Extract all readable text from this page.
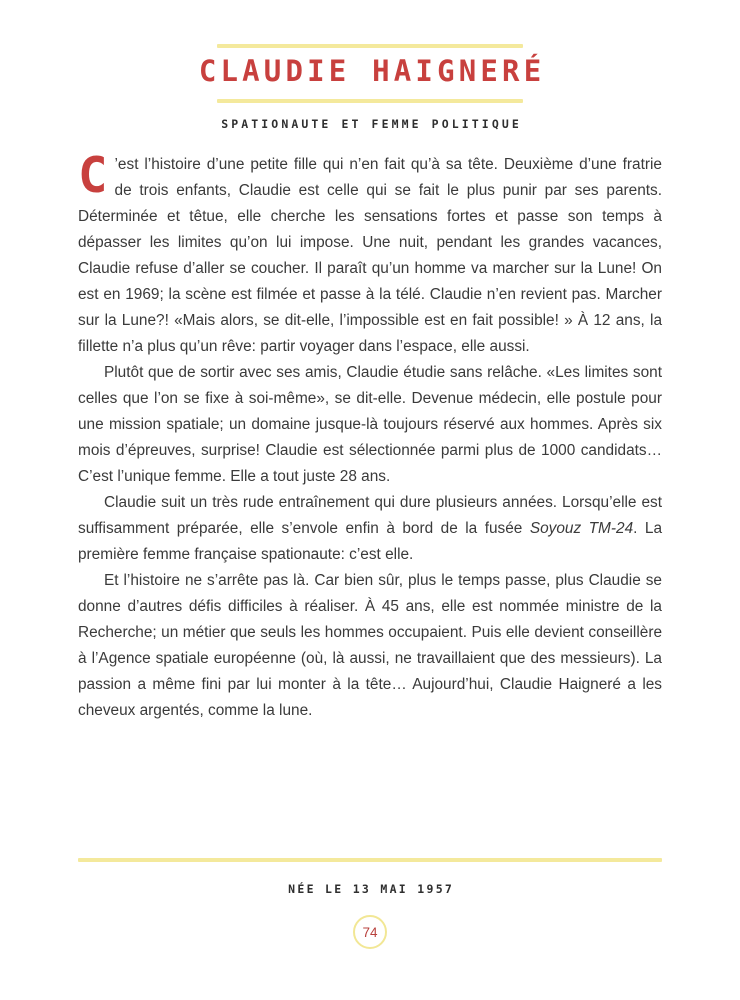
CLAUDIE HAIGNERÉ
SPATIONAUTE ET FEMME POLITIQUE

C ’est l’histoire d’une petite fille qui n’en fait qu’à sa tête. Deuxième d’une fratrie de trois enfants, Claudie est celle qui se fait le plus punir par ses parents. Déterminée et têtue, elle cherche les sensations fortes et passe son temps à dépasser les limites qu’on lui impose. Une nuit, pendant les grandes vacances, Claudie refuse d’aller se coucher. Il paraît qu’un homme va marcher sur la Lune! On est en 1969; la scène est filmée et passe à la télé. Claudie n’en revient pas. Marcher sur la Lune?! «Mais alors, se dit-elle, l’impossible est en fait possible! » À 12 ans, la fillette n’a plus qu’un rêve: partir voyager dans l’espace, elle aussi.

Plutôt que de sortir avec ses amis, Claudie étudie sans relâche. «Les limites sont celles que l’on se fixe à soi-même», se dit-elle. Devenue médecin, elle postule pour une mission spatiale; un domaine jusque-là toujours réservé aux hommes. Après six mois d’épreuves, surprise! Claudie est sélectionnée parmi plus de 1000 candidats… C’est l’unique femme. Elle a tout juste 28 ans.

Claudie suit un très rude entraînement qui dure plusieurs années. Lorsqu’elle est suffisamment préparée, elle s’envole enfin à bord de la fusée Soyouz TM-24. La première femme française spationaute: c’est elle.

Et l’histoire ne s’arrête pas là. Car bien sûr, plus le temps passe, plus Claudie se donne d’autres défis difficiles à réaliser. À 45 ans, elle est nommée ministre de la Recherche; un métier que seuls les hommes occupaient. Puis elle devient conseillère à l’Agence spatiale européenne (où, là aussi, ne travaillaient que des messieurs). La passion a même fini par lui monter à la tête… Aujourd’hui, Claudie Haigneré a les cheveux argentés, comme la lune.

NÉE LE 13 MAI 1957
74
